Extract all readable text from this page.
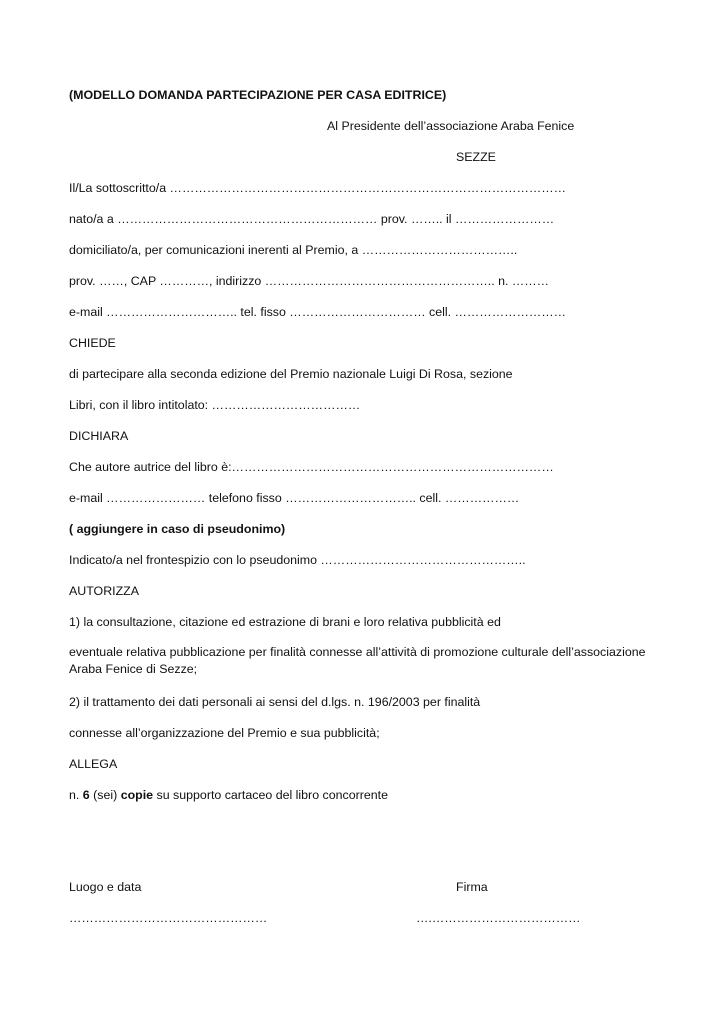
(MODELLO DOMANDA PARTECIPAZIONE PER CASA EDITRICE)
Al Presidente dell’associazione Araba Fenice
SEZZE
Il/La sottoscritto/a ……………………………………………………………………………………
nato/a a ……………………………………………………… prov. …….. il ……………………
domiciliato/a, per comunicazioni inerenti al Premio, a ………………………………..
prov. ……, CAP …………, indirizzo ……………………………………………….. n. ………
e-mail ………………………….. tel. fisso …………………………… cell. ………………………
CHIEDE
di partecipare alla seconda edizione del Premio nazionale Luigi Di Rosa, sezione
Libri, con il libro intitolato: ………………………………
DICHIARA
Che autore autrice del libro è:……………………………………………………………………
e-mail …………………… telefono fisso ………………………….. cell. ………………
( aggiungere in caso di pseudonimo)
Indicato/a nel frontespizio con lo pseudonimo …………………………………………..
AUTORIZZA
1) la consultazione, citazione ed estrazione di brani e loro relativa pubblicità ed
eventuale relativa pubblicazione per finalità connesse all’attività di promozione culturale dell’associazione Araba Fenice di Sezze;
2) il trattamento dei dati personali ai sensi del d.lgs. n. 196/2003 per finalità
connesse all’organizzazione del Premio e sua pubblicità;
ALLEGA
n. 6 (sei) copie su supporto cartaceo del libro concorrente
Luogo e data	Firma
…………………………………………	….………………………………
